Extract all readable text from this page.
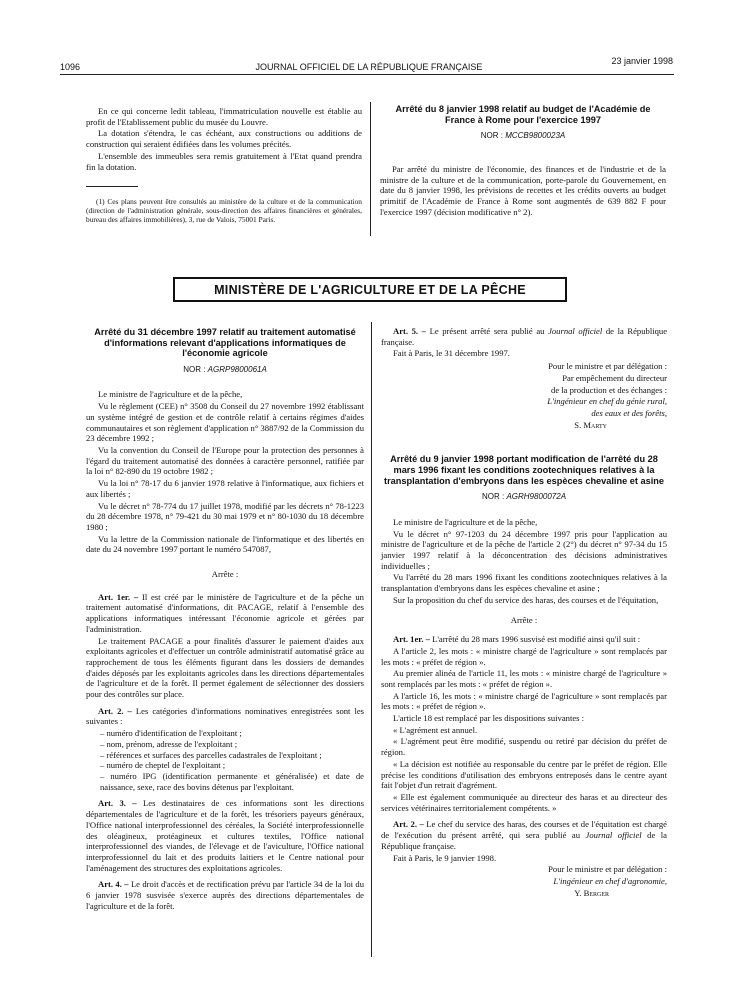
1096	JOURNAL OFFICIEL DE LA RÉPUBLIQUE FRANÇAISE
23 janvier 1998

En ce qui concerne ledit tableau, l'immatriculation nouvelle est établie au profit de l'Etablissement public du musée du Louvre.

La dotation s'étendra, le cas échéant, aux constructions ou additions de construction qui seraient édifiées dans les volumes précités.

L'ensemble des immeubles sera remis gratuitement à l'Etat quand prendra fin la dotation.

(1) Ces plans peuvent être consultés au ministère de la culture et de la communication (direction de l'administration générale, sous-direction des affaires financières et générales, bureau des affaires immobilières), 3, rue de Valois, 75001 Paris.
Arrêté du 8 janvier 1998 relatif au budget de l'Académie de France à Rome pour l'exercice 1997
NOR : MCCB9800023A

Par arrêté du ministre de l'économie, des finances et de l'industrie et de la ministre de la culture et de la communication, porte-parole du Gouvernement, en date du 8 janvier 1998, les prévisions de recettes et les crédits ouverts au budget primitif de l'Académie de France à Rome sont augmentés de 639 882 F pour l'exercice 1997 (décision modificative n° 2).

MINISTÈRE DE L'AGRICULTURE ET DE LA PÊCHE
Arrêté du 31 décembre 1997 relatif au traitement automatisé d'informations relevant d'applications informatiques de l'économie agricole
NOR : AGRP9800061A

Le ministre de l'agriculture et de la pêche,

Vu le règlement (CEE) n° 3508 du Conseil du 27 novembre 1992 établissant un système intégré de gestion et de contrôle relatif à certains régimes d'aides communautaires et son règlement d'application n° 3887/92 de la Commission du 23 décembre 1992 ;

Vu la convention du Conseil de l'Europe pour la protection des personnes à l'égard du traitement automatisé des données à caractère personnel, ratifiée par la loi n° 82-890 du 19 octobre 1982 ;

Vu la loi n° 78-17 du 6 janvier 1978 relative à l'informatique, aux fichiers et aux libertés ;

Vu le décret n° 78-774 du 17 juillet 1978, modifié par les décrets n° 78-1223 du 28 décembre 1978, n° 79-421 du 30 mai 1979 et n° 80-1030 du 18 décembre 1980 ;

Vu la lettre de la Commission nationale de l'informatique et des libertés en date du 24 novembre 1997 portant le numéro 547087,

Arrête :

Art. 1er. – Il est créé par le ministère de l'agriculture et de la pêche un traitement automatisé d'informations, dit PACAGE, relatif à l'ensemble des applications informatiques intéressant l'économie agricole et gérées par l'administration.

Le traitement PACAGE a pour finalités d'assurer le paiement d'aides aux exploitants agricoles et d'effectuer un contrôle administratif automatisé grâce au rapprochement de tous les éléments figurant dans les dossiers de demandes d'aides déposés par les exploitants agricoles dans les directions départementales de l'agriculture et de la forêt. Il permet également de sélectionner des dossiers pour des contrôles sur place.

Art. 2. – Les catégories d'informations nominatives enregistrées sont les suivantes :

– numéro d'identification de l'exploitant ;
– nom, prénom, adresse de l'exploitant ;
– références et surfaces des parcelles cadastrales de l'exploitant ;
– numéro de cheptel de l'exploitant ;
– numéro IPG (identification permanente et généralisée) et date de naissance, sexe, race des bovins détenus par l'exploitant.

Art. 3. – Les destinataires de ces informations sont les directions départementales de l'agriculture et de la forêt, les trésoriers payeurs généraux, l'Office national interprofessionnel des céréales, la Société interprofessionnelle des oléagineux, protéagineux et cultures textiles, l'Office national interprofessionnel des viandes, de l'élevage et de l'aviculture, l'Office national interprofessionnel du lait et des produits laitiers et le Centre national pour l'aménagement des structures des exploitations agricoles.

Art. 4. – Le droit d'accès et de rectification prévu par l'article 34 de la loi du 6 janvier 1978 susvisée s'exerce auprès des directions départementales de l'agriculture et de la forêt.

Art. 5. – Le présent arrêté sera publié au Journal officiel de la République française.

Fait à Paris, le 31 décembre 1997.

Pour le ministre et par délégation :

Par empêchement du directeur

de la production et des échanges :

L'ingénieur en chef du génie rural,

des eaux et des forêts,

S. Marty

Arrêté du 9 janvier 1998 portant modification de l'arrêté du 28 mars 1996 fixant les conditions zootechniques relatives à la transplantation d'embryons dans les espèces chevaline et asine
NOR : AGRH9800072A

Le ministre de l'agriculture et de la pêche,

Vu le décret n° 97-1203 du 24 décembre 1997 pris pour l'application au ministre de l'agriculture et de la pêche de l'article 2 (2°) du décret n° 97-34 du 15 janvier 1997 relatif à la déconcentration des décisions administratives individuelles ;

Vu l'arrêté du 28 mars 1996 fixant les conditions zootechniques relatives à la transplantation d'embryons dans les espèces chevaline et asine ;

Sur la proposition du chef du service des haras, des courses et de l'équitation,

Arrête :

Art. 1er. – L'arrêté du 28 mars 1996 susvisé est modifié ainsi qu'il suit :

A l'article 2, les mots : « ministre chargé de l'agriculture » sont remplacés par les mots : « préfet de région ».

Au premier alinéa de l'article 11, les mots : « ministre chargé de l'agriculture » sont remplacés par les mots : « préfet de région ».

A l'article 16, les mots : « ministre chargé de l'agriculture » sont remplacés par les mots : « préfet de région ».

L'article 18 est remplacé par les dispositions suivantes :

« L'agrément est annuel.

« L'agrément peut être modifié, suspendu ou retiré par décision du préfet de région.

« La décision est notifiée au responsable du centre par le préfet de région. Elle précise les conditions d'utilisation des embryons entreposés dans le centre ayant fait l'objet d'un retrait d'agrément.

« Elle est également communiquée au directeur des haras et au directeur des services vétérinaires territorialement compétents. »

Art. 2. – Le chef du service des haras, des courses et de l'équitation est chargé de l'exécution du présent arrêté, qui sera publié au Journal officiel de la République française.

Fait à Paris, le 9 janvier 1998.

Pour le ministre et par délégation :

L'ingénieur en chef d'agronomie,

Y. Berger
